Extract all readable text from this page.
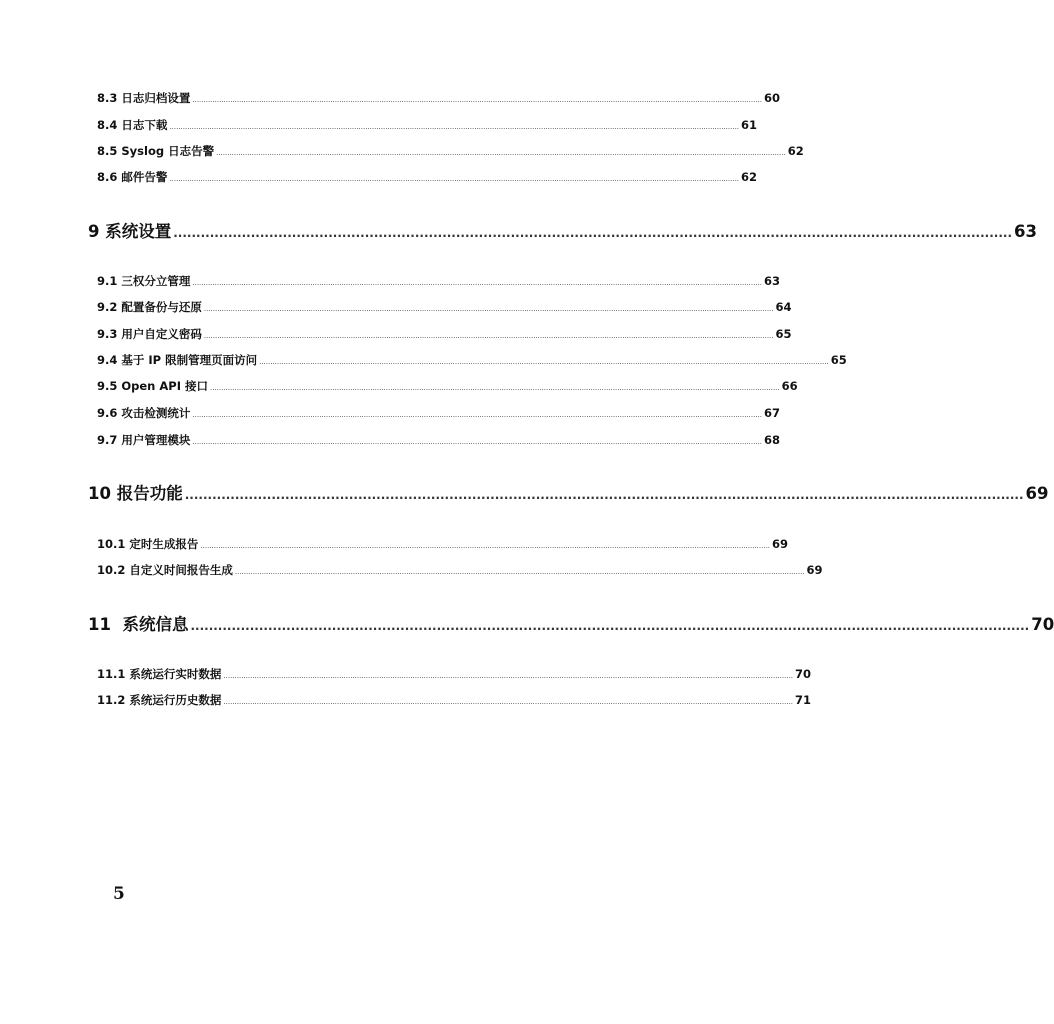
8.3 日志归档设置 ................................................................................................................................................................................................................................................................ 60
8.4 日志下载 ................................................................................................................................................................................................................................................................ 61
8.5 Syslog 日志告警 ................................................................................................................................................................................................................................................................ 62
8.6 邮件告警 ................................................................................................................................................................................................................................................................ 62
9 系统设置 ........................................................................................................................................................................................ 63
9.1 三权分立管理 ................................................................................................................................................................................................................................................................ 63
9.2 配置备份与还原 ................................................................................................................................................................................................................................................................ 64
9.3 用户自定义密码 ................................................................................................................................................................................................................................................................ 65
9.4 基于 IP 限制管理页面访问 ................................................................................................................................................................................................................................................................ 65
9.5 Open API 接口 ................................................................................................................................................................................................................................................................ 66
9.6 攻击检测统计 ................................................................................................................................................................................................................................................................ 67
9.7 用户管理模块 ................................................................................................................................................................................................................................................................ 68
10 报告功能 ........................................................................................................................................................................................ 69
10.1 定时生成报告 ................................................................................................................................................................................................................................................................ 69
10.2 自定义时间报告生成 ................................................................................................................................................................................................................................................................ 69
11  系统信息 ........................................................................................................................................................................................ 70
11.1 系统运行实时数据 ................................................................................................................................................................................................................................................................ 70
11.2 系统运行历史数据 ................................................................................................................................................................................................................................................................ 71
5
